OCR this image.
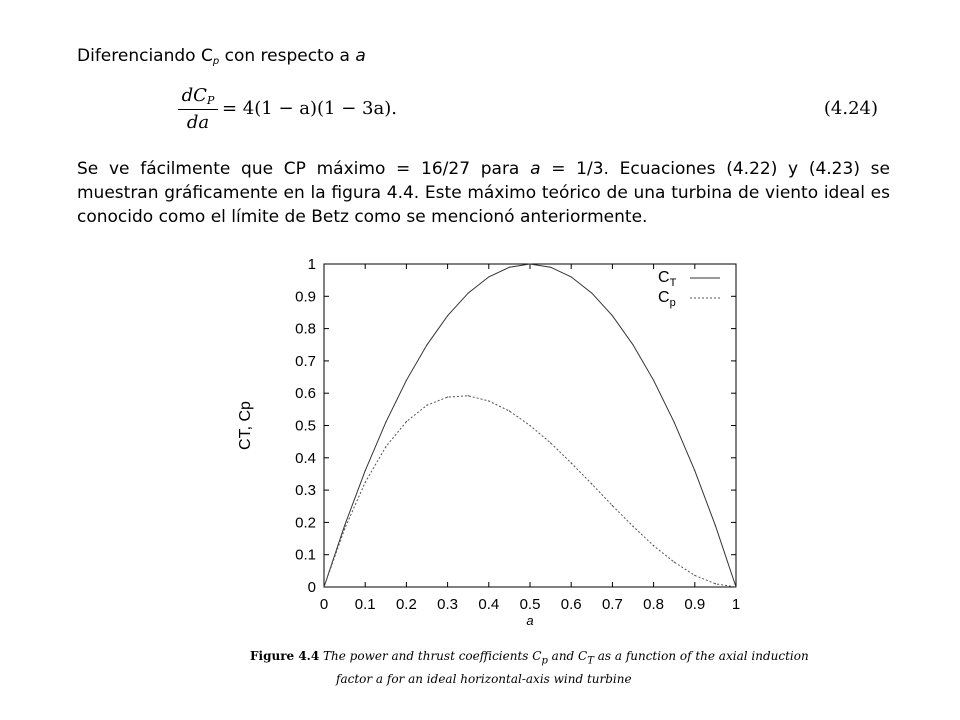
Diferenciando $C_p$ con respecto a a
$dC_P$
da
= 4(1 − a)(1 − 3a).	(4.24)
Se ve fácilmente que CP máximo = 16/27 para a = 1/3. Ecuaciones (4.22) y (4.23) se muestran gráficamente en la figura 4.4. Este máximo teórico de una turbina de viento ideal es conocido como el límite de Betz como se mencionó anteriormente.
0 0.1 0.2 0.3 0.4 0.5 0.6 0.7 0.8 0.9 1
0
0.1
0.2
0.3
0.4
0.5
0.6
0.7
0.8
0.9
1
a
CT, Cp
$C_T$
$C_p$
Figure 4.4 The power and thrust coefficients $C_p$ and $C_T$ as a function of the axial induction
factor a for an ideal horizontal-axis wind turbine
